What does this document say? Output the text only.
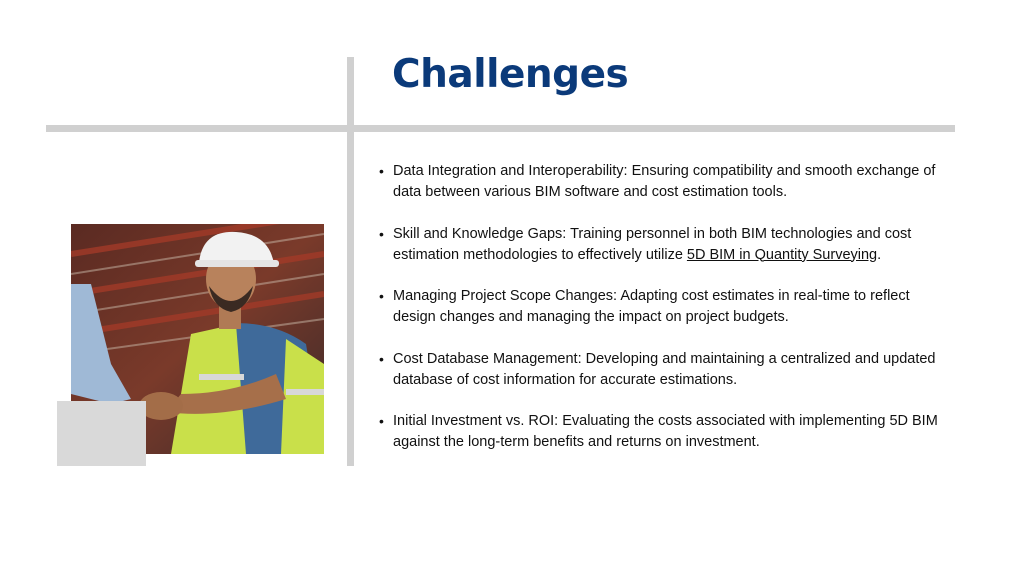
Challenges
• Data Integration and Interoperability: Ensuring compatibility and smooth exchange of data between various BIM software and cost estimation tools.
• Skill and Knowledge Gaps: Training personnel in both BIM technologies and cost estimation methodologies to effectively utilize 5D BIM in Quantity Surveying.
• Managing Project Scope Changes: Adapting cost estimates in real-time to reflect design changes and managing the impact on project budgets.
• Cost Database Management: Developing and maintaining a centralized and updated database of cost information for accurate estimations.
• Initial Investment vs. ROI: Evaluating the costs associated with implementing 5D BIM against the long-term benefits and returns on investment.
